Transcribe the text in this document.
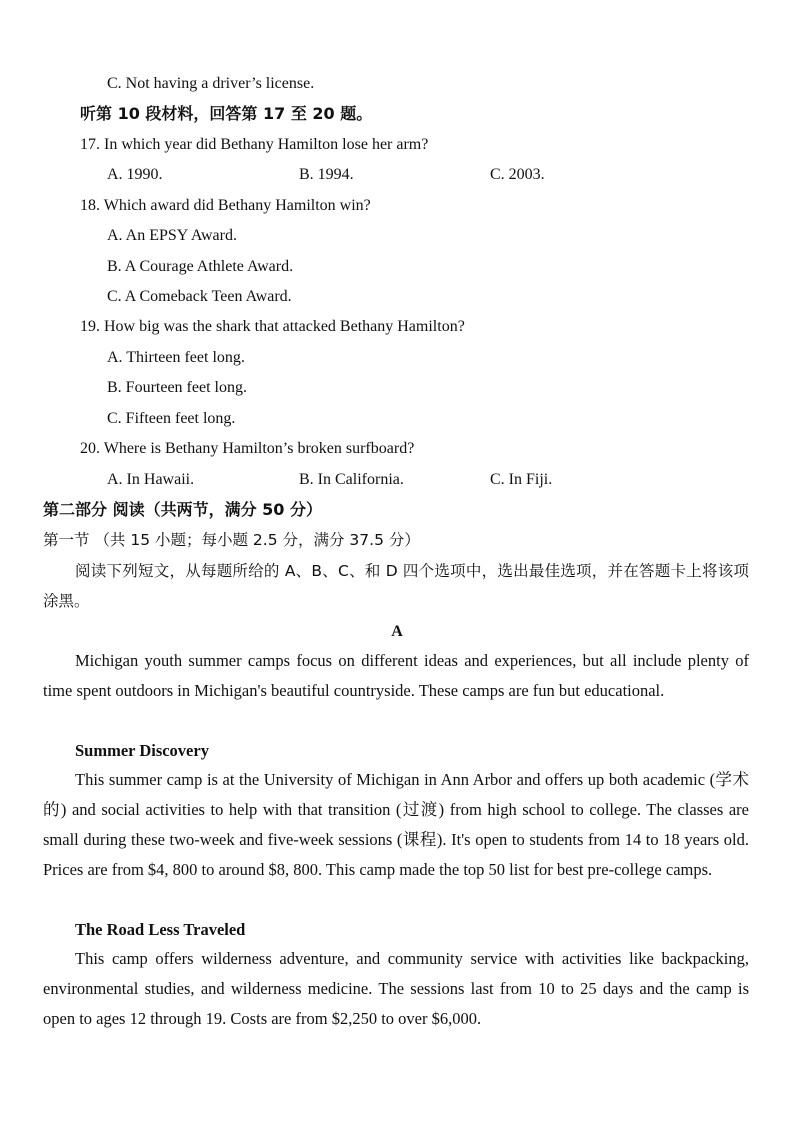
C. Not having a driver’s license.
听第 10 段材料，回答第 17 至 20 题。
17. In which year did Bethany Hamilton lose her arm?
A. 1990.	B. 1994.	C. 2003.
18. Which award did Bethany Hamilton win?
A. An EPSY Award.
B. A Courage Athlete Award.
C. A Comeback Teen Award.
19. How big was the shark that attacked Bethany Hamilton?
A. Thirteen feet long.
B. Fourteen feet long.
C. Fifteen feet long.
20. Where is Bethany Hamilton’s broken surfboard?
A. In Hawaii.	B. In California.	C. In Fiji.
第二部分 阅读（共两节，满分 50 分）
第一节 （共 15 小题；每小题 2.5 分，满分 37.5 分）
阅读下列短文，从每题所给的 A、B、C、和 D 四个选项中，选出最佳选项，并在答题卡上将该项涂黑。
A
Michigan youth summer camps focus on different ideas and experiences, but all include plenty of time spent outdoors in Michigan's beautiful countryside. These camps are fun but educational.
Summer Discovery
This summer camp is at the University of Michigan in Ann Arbor and offers up both academic (学术的) and social activities to help with that transition (过渡) from high school to college. The classes are small during these two-week and five-week sessions (课程). It's open to students from 14 to 18 years old. Prices are from $4, 800 to around $8, 800. This camp made the top 50 list for best pre-college camps.
The Road Less Traveled
This camp offers wilderness adventure, and community service with activities like backpacking, environmental studies, and wilderness medicine. The sessions last from 10 to 25 days and the camp is open to ages 12 through 19. Costs are from $2,250 to over $6,000.
